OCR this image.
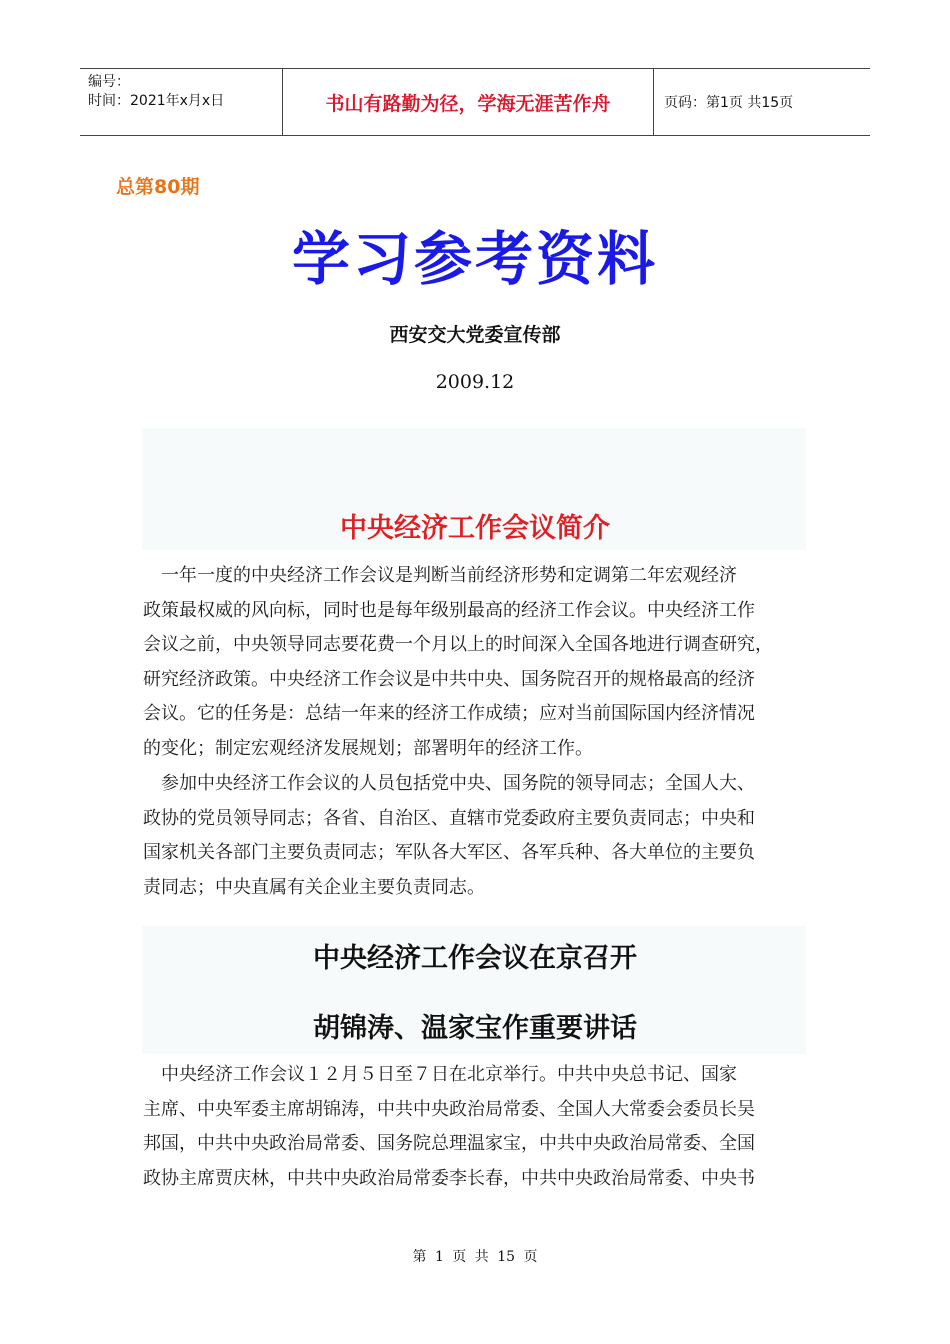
编号：
时间：2021年x月x日	书山有路勤为径，学海无涯苦作舟	页码：第1页 共15页
总第80期
学习参考资料
西安交大党委宣传部
2009.12
中央经济工作会议简介
　一年一度的中央经济工作会议是判断当前经济形势和定调第二年宏观经济
政策最权威的风向标，同时也是每年级别最高的经济工作会议。中央经济工作
会议之前，中央领导同志要花费一个月以上的时间深入全国各地进行调查研究，
研究经济政策。中央经济工作会议是中共中央、国务院召开的规格最高的经济
会议。它的任务是：总结一年来的经济工作成绩；应对当前国际国内经济情况
的变化；制定宏观经济发展规划；部署明年的经济工作。
　参加中央经济工作会议的人员包括党中央、国务院的领导同志；全国人大、
政协的党员领导同志；各省、自治区、直辖市党委政府主要负责同志；中央和
国家机关各部门主要负责同志；军队各大军区、各军兵种、各大单位的主要负
责同志；中央直属有关企业主要负责同志。
中央经济工作会议在京召开
胡锦涛、温家宝作重要讲话
　中央经济工作会议１２月５日至７日在北京举行。中共中央总书记、国家
主席、中央军委主席胡锦涛，中共中央政治局常委、全国人大常委会委员长吴
邦国，中共中央政治局常委、国务院总理温家宝，中共中央政治局常委、全国
政协主席贾庆林，中共中央政治局常委李长春，中共中央政治局常委、中央书
第 1 页 共 15 页
